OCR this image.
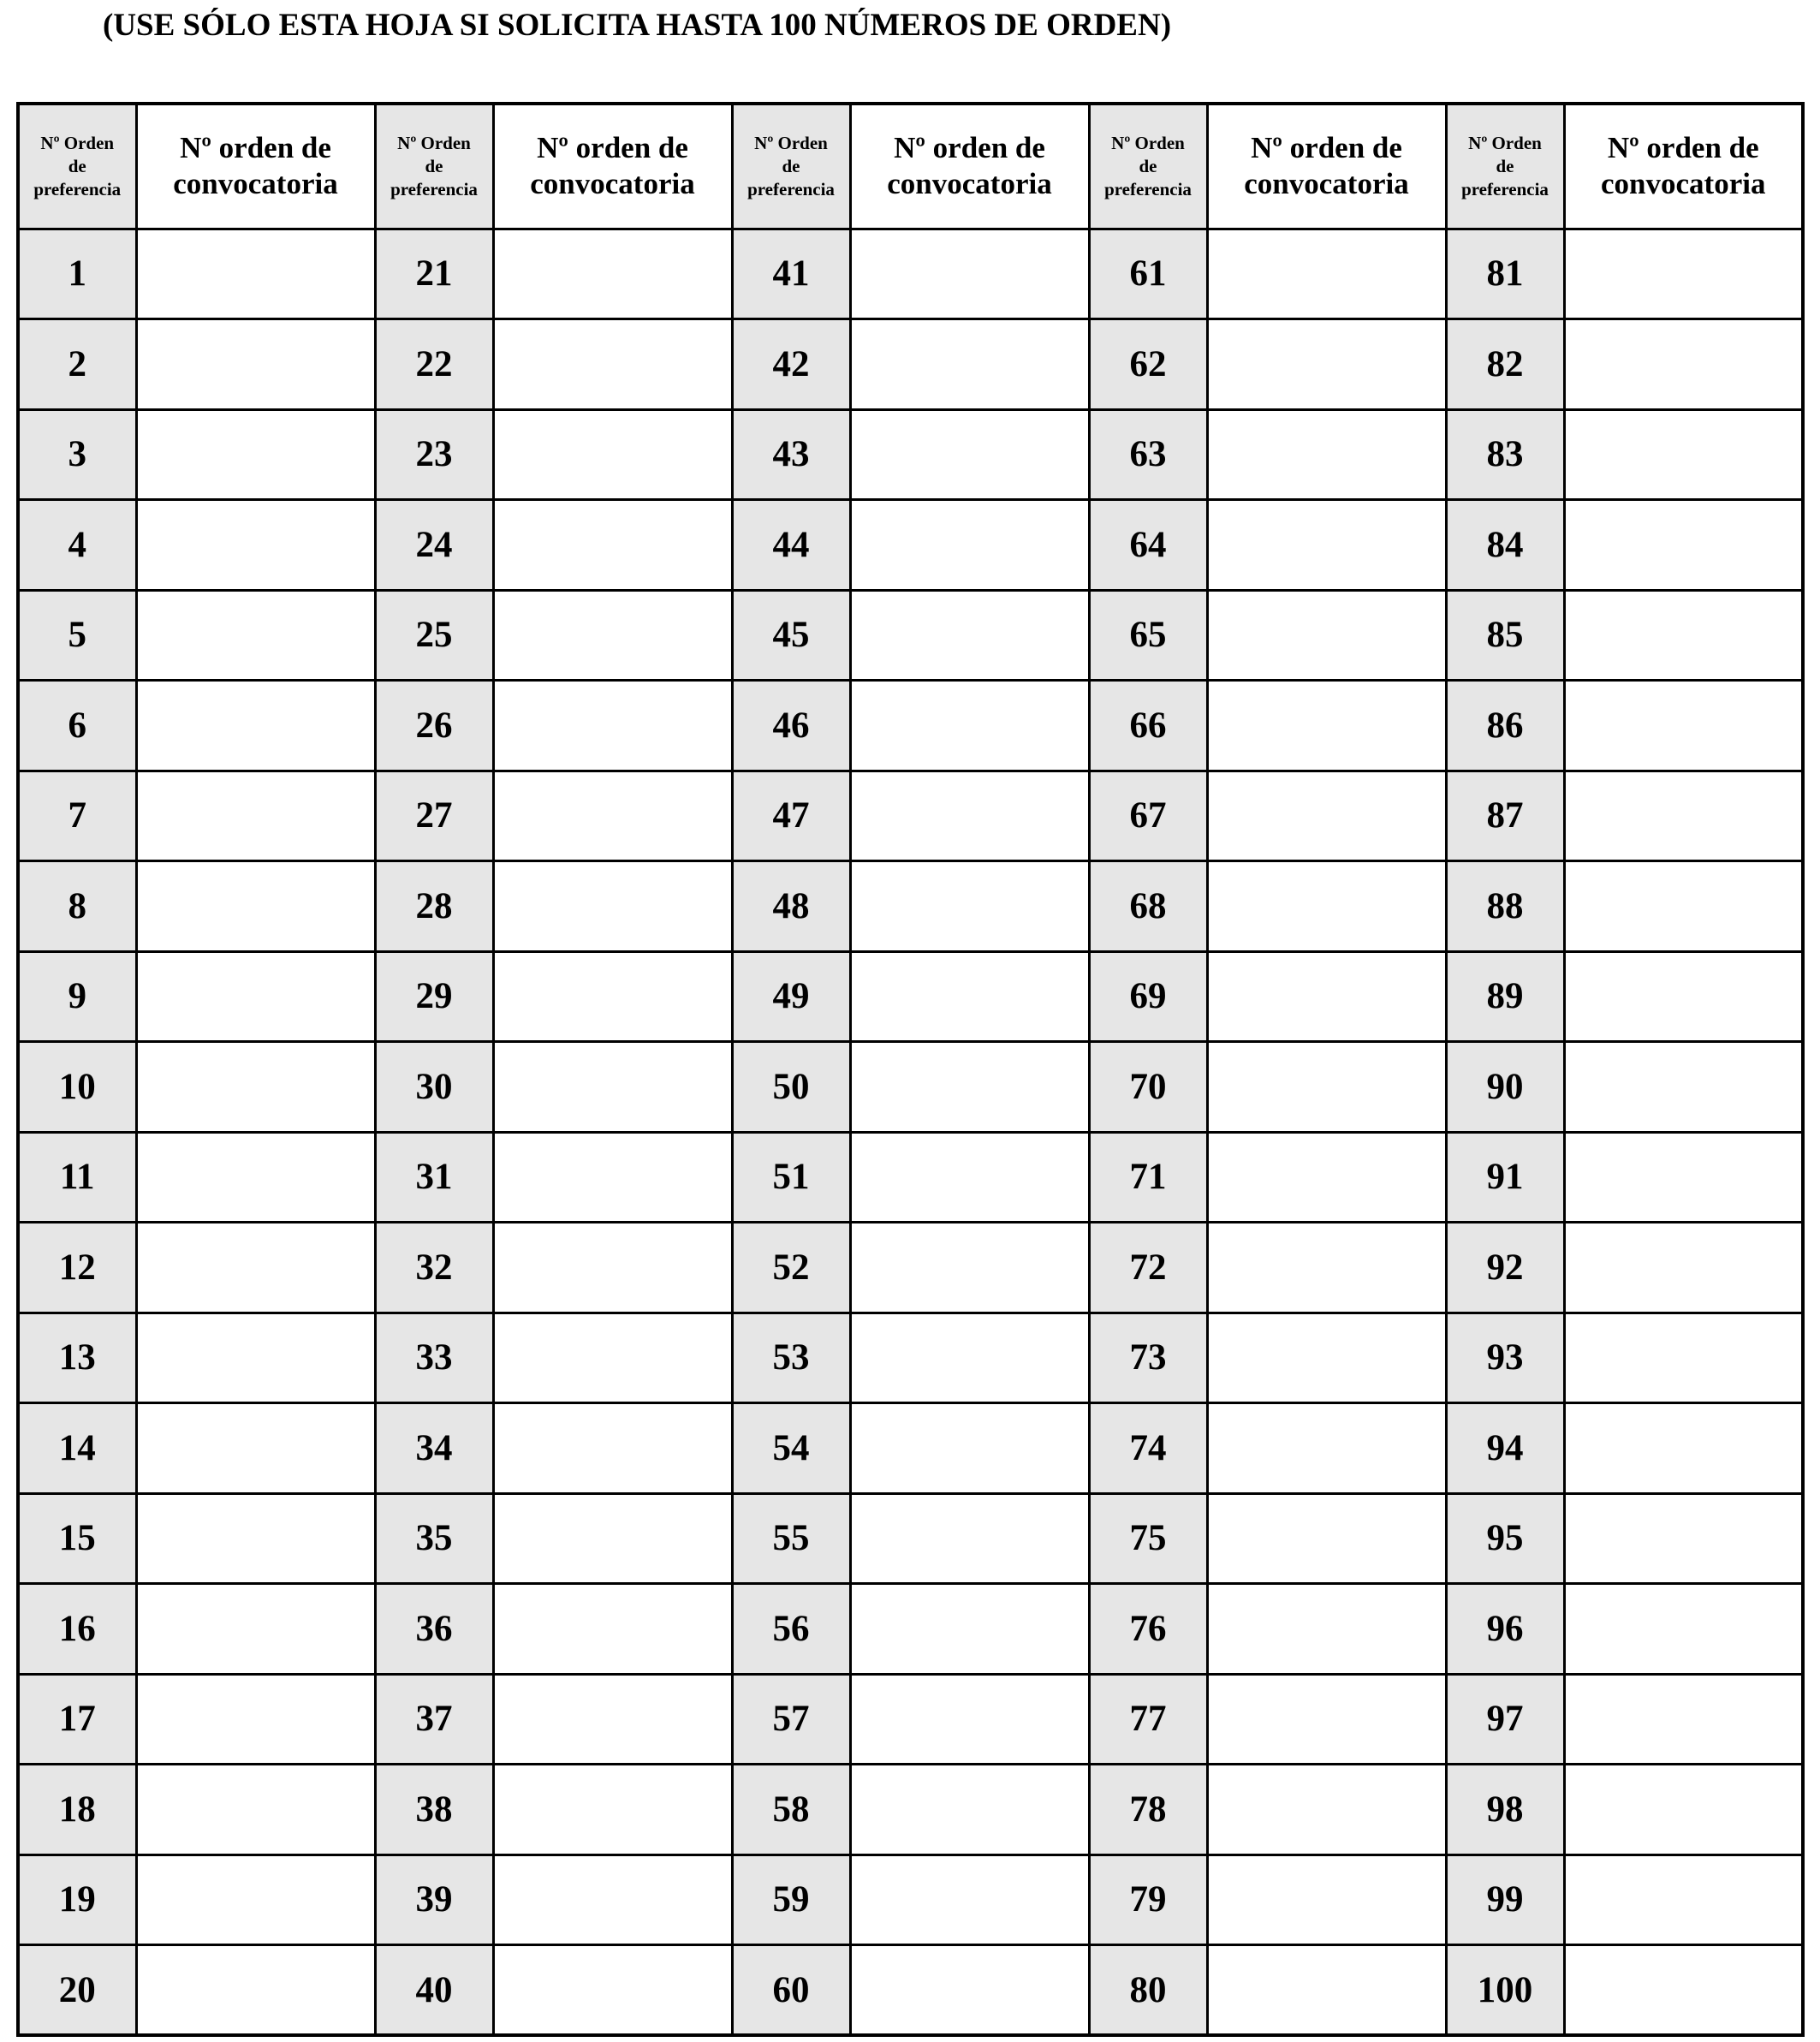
(USE SÓLO ESTA HOJA SI SOLICITA HASTA 100 NÚMEROS DE ORDEN)
Nº Orden
de
preferencia	Nº orden de
convocatoria	Nº Orden
de
preferencia	Nº orden de
convocatoria	Nº Orden
de
preferencia	Nº orden de
convocatoria	Nº Orden
de
preferencia	Nº orden de
convocatoria	Nº Orden
de
preferencia	Nº orden de
convocatoria

1		21		41		61		81	
2		22		42		62		82	
3		23		43		63		83	
4		24		44		64		84	
5		25		45		65		85	
6		26		46		66		86	
7		27		47		67		87	
8		28		48		68		88	
9		29		49		69		89	
10		30		50		70		90	
11		31		51		71		91	
12		32		52		72		92	
13		33		53		73		93	
14		34		54		74		94	
15		35		55		75		95	
16		36		56		76		96	
17		37		57		77		97	
18		38		58		78		98	
19		39		59		79		99	
20		40		60		80		100	
